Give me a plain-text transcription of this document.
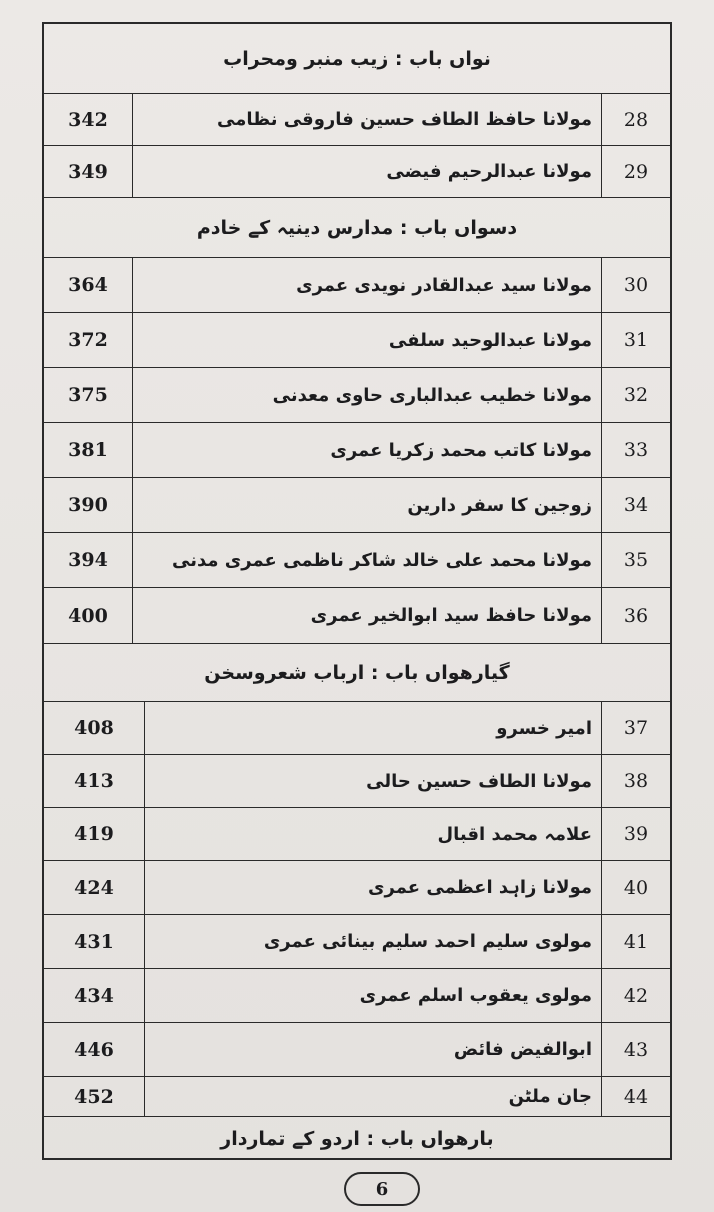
نواں باب : زیب منبر ومحراب
342	مولانا حافظ الطاف حسین فاروقی نظامی	28
349	مولانا عبدالرحیم فیضی	29
دسواں باب : مدارس دینیہ کے خادم
364	مولانا سید عبدالقادر نویدی عمری	30
372	مولانا عبدالوحید سلفی	31
375	مولانا خطیب عبدالباری حاوی معدنی	32
381	مولانا کاتب محمد زکریا عمری	33
390	زوجین کا سفر دارین	34
394	مولانا محمد علی خالد شاکر ناظمی عمری مدنی	35
400	مولانا حافظ سید ابوالخیر عمری	36
گیارھواں باب : ارباب شعروسخن
408	امیر خسرو	37
413	مولانا الطاف حسین حالی	38
419	علامہ محمد اقبال	39
424	مولانا زاہد اعظمی عمری	40
431	مولوی سلیم احمد سلیم بینائی عمری	41
434	مولوی یعقوب اسلم عمری	42
446	ابوالفیض فائض	43
452	جان ملٹن	44
بارھواں باب : اردو کے تماردار
6
